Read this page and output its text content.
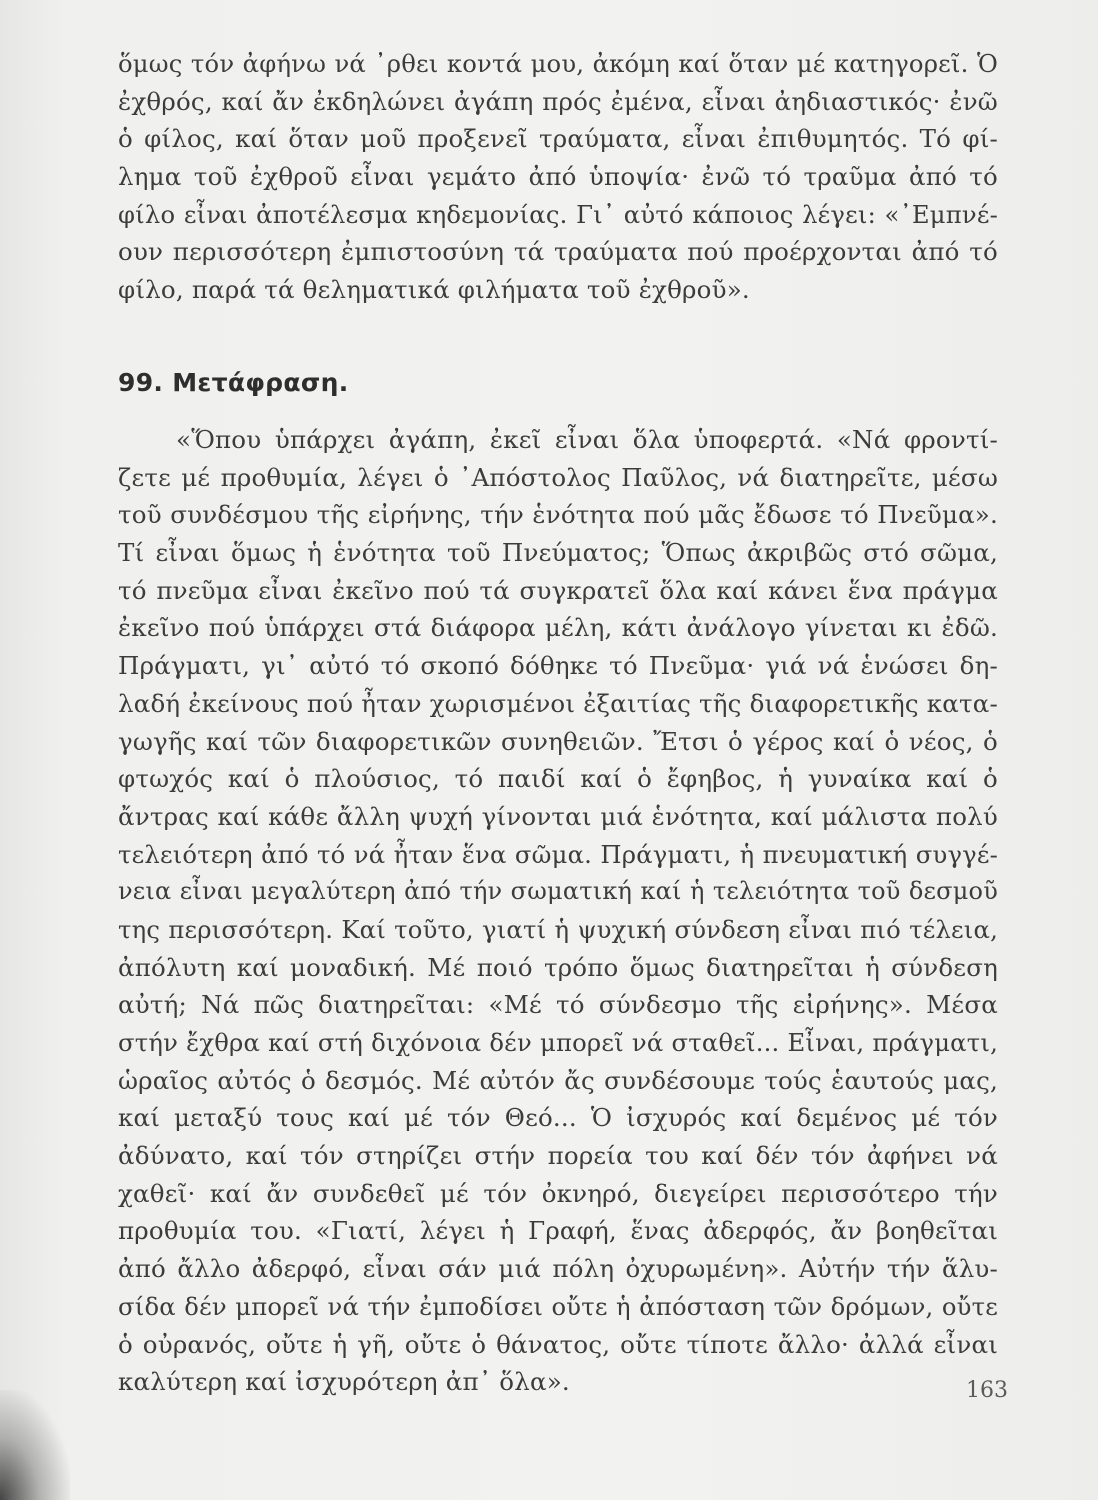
ὅμως τόν ἀφήνω νά ᾽ρθει κοντά μου, ἀκόμη καί ὅταν μέ κατηγορεῖ. Ὁ
ἐχθρός, καί ἄν ἐκδηλώνει ἀγάπη πρός ἐμένα, εἶναι ἀηδιαστικός· ἐνῶ
ὁ φίλος, καί ὅταν μοῦ προξενεῖ τραύματα, εἶναι ἐπιθυμητός. Τό φί-
λημα τοῦ ἐχθροῦ εἶναι γεμάτο ἀπό ὑποψία· ἐνῶ τό τραῦμα ἀπό τό
φίλο εἶναι ἀποτέλεσμα κηδεμονίας. Γι᾽ αὐτό κάποιος λέγει: «᾽Εμπνέ-
ουν περισσότερη ἐμπιστοσύνη τά τραύματα πού προέρχονται ἀπό τό
φίλο, παρά τά θεληματικά φιλήματα τοῦ ἐχθροῦ».
99. Μετάφραση.
«Ὅπου ὑπάρχει ἀγάπη, ἐκεῖ εἶναι ὅλα ὑποφερτά. «Νά φροντί-
ζετε μέ προθυμία, λέγει ὁ ᾽Απόστολος Παῦλος, νά διατηρεῖτε, μέσω
τοῦ συνδέσμου τῆς εἰρήνης, τήν ἑνότητα πού μᾶς ἔδωσε τό Πνεῦμα».
Τί εἶναι ὅμως ἡ ἑνότητα τοῦ Πνεύματος; Ὅπως ἀκριβῶς στό σῶμα,
τό πνεῦμα εἶναι ἐκεῖνο πού τά συγκρατεῖ ὅλα καί κάνει ἕνα πράγμα
ἐκεῖνο πού ὑπάρχει στά διάφορα μέλη, κάτι ἀνάλογο γίνεται κι ἐδῶ.
Πράγματι, γι᾽ αὐτό τό σκοπό δόθηκε τό Πνεῦμα· γιά νά ἑνώσει δη-
λαδή ἐκείνους πού ἦταν χωρισμένοι ἐξαιτίας τῆς διαφορετικῆς κατα-
γωγῆς καί τῶν διαφορετικῶν συνηθειῶν. Ἔτσι ὁ γέρος καί ὁ νέος, ὁ
φτωχός καί ὁ πλούσιος, τό παιδί καί ὁ ἔφηβος, ἡ γυναίκα καί ὁ
ἄντρας καί κάθε ἄλλη ψυχή γίνονται μιά ἑνότητα, καί μάλιστα πολύ
τελειότερη ἀπό τό νά ἦταν ἕνα σῶμα. Πράγματι, ἡ πνευματική συγγέ-
νεια εἶναι μεγαλύτερη ἀπό τήν σωματική καί ἡ τελειότητα τοῦ δεσμοῦ
της περισσότερη. Καί τοῦτο, γιατί ἡ ψυχική σύνδεση εἶναι πιό τέλεια,
ἀπόλυτη καί μοναδική. Μέ ποιό τρόπο ὅμως διατηρεῖται ἡ σύνδεση
αὐτή; Νά πῶς διατηρεῖται: «Μέ τό σύνδεσμο τῆς εἰρήνης». Μέσα
στήν ἔχθρα καί στή διχόνοια δέν μπορεῖ νά σταθεῖ... Εἶναι, πράγματι,
ὡραῖος αὐτός ὁ δεσμός. Μέ αὐτόν ἄς συνδέσουμε τούς ἑαυτούς μας,
καί μεταξύ τους καί μέ τόν Θεό... Ὁ ἰσχυρός καί δεμένος μέ τόν
ἀδύνατο, καί τόν στηρίζει στήν πορεία του καί δέν τόν ἀφήνει νά
χαθεῖ· καί ἄν συνδεθεῖ μέ τόν ὀκνηρό, διεγείρει περισσότερο τήν
προθυμία του. «Γιατί, λέγει ἡ Γραφή, ἕνας ἀδερφός, ἄν βοηθεῖται
ἀπό ἄλλο ἀδερφό, εἶναι σάν μιά πόλη ὀχυρωμένη». Αὐτήν τήν ἅλυ-
σίδα δέν μπορεῖ νά τήν ἐμποδίσει οὔτε ἡ ἀπόσταση τῶν δρόμων, οὔτε
ὁ οὐρανός, οὔτε ἡ γῆ, οὔτε ὁ θάνατος, οὔτε τίποτε ἄλλο· ἀλλά εἶναι
καλύτερη καί ἰσχυρότερη ἀπ᾽ ὅλα».	163
